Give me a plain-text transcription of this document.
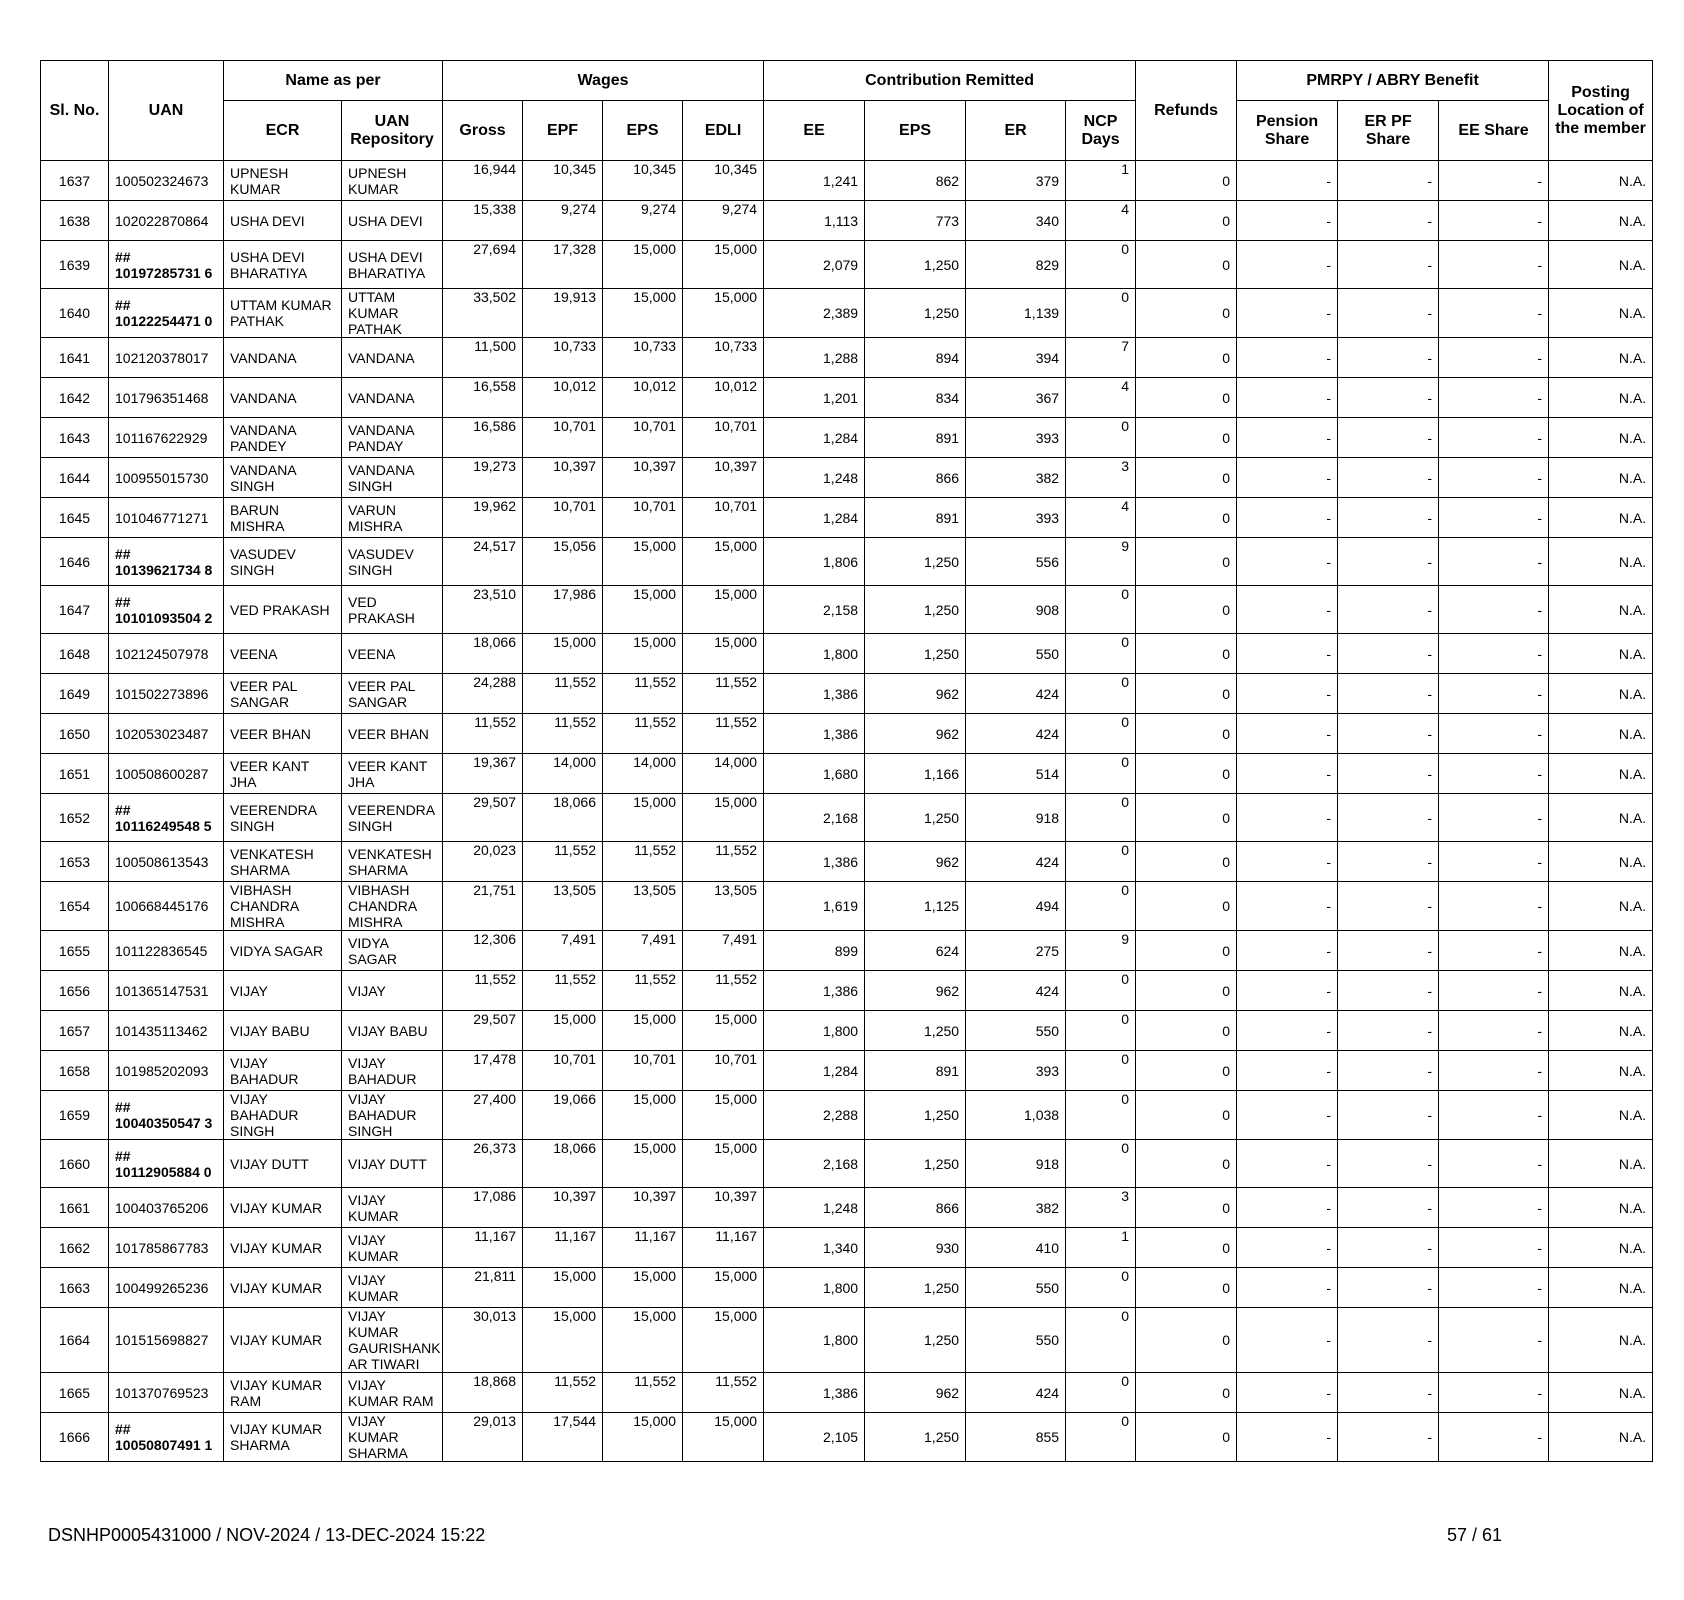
Sl. No.	UAN	Name as per		Wages				Contribution Remitted				Refunds	PMRPY / ABRY Benefit			Posting Location of the member
		ECR	UAN Repository	Gross	EPF	EPS	EDLI	EE	EPS	ER	NCP Days		Pension Share	ER PF Share	EE Share	
1637	100502324673	UPNESH KUMAR	UPNESH KUMAR	16,944	10,345	10,345	10,345	1,241	862	379	1	0	-	-	-	N.A.
1638	102022870864	USHA DEVI	USHA DEVI	15,338	9,274	9,274	9,274	1,113	773	340	4	0	-	-	-	N.A.
1639	## 10197285731 6	USHA DEVI BHARATIYA	USHA DEVI BHARATIYA	27,694	17,328	15,000	15,000	2,079	1,250	829	0	0	-	-	-	N.A.
1640	## 10122254471 0	UTTAM KUMAR PATHAK	UTTAM KUMAR PATHAK	33,502	19,913	15,000	15,000	2,389	1,250	1,139	0	0	-	-	-	N.A.
1641	102120378017	VANDANA	VANDANA	11,500	10,733	10,733	10,733	1,288	894	394	7	0	-	-	-	N.A.
1642	101796351468	VANDANA	VANDANA	16,558	10,012	10,012	10,012	1,201	834	367	4	0	-	-	-	N.A.
1643	101167622929	VANDANA PANDEY	VANDANA PANDAY	16,586	10,701	10,701	10,701	1,284	891	393	0	0	-	-	-	N.A.
1644	100955015730	VANDANA SINGH	VANDANA SINGH	19,273	10,397	10,397	10,397	1,248	866	382	3	0	-	-	-	N.A.
1645	101046771271	BARUN MISHRA	VARUN MISHRA	19,962	10,701	10,701	10,701	1,284	891	393	4	0	-	-	-	N.A.
1646	## 10139621734 8	VASUDEV SINGH	VASUDEV SINGH	24,517	15,056	15,000	15,000	1,806	1,250	556	9	0	-	-	-	N.A.
1647	## 10101093504 2	VED PRAKASH	VED PRAKASH	23,510	17,986	15,000	15,000	2,158	1,250	908	0	0	-	-	-	N.A.
1648	102124507978	VEENA	VEENA	18,066	15,000	15,000	15,000	1,800	1,250	550	0	0	-	-	-	N.A.
1649	101502273896	VEER PAL SANGAR	VEER PAL SANGAR	24,288	11,552	11,552	11,552	1,386	962	424	0	0	-	-	-	N.A.
1650	102053023487	VEER BHAN	VEER BHAN	11,552	11,552	11,552	11,552	1,386	962	424	0	0	-	-	-	N.A.
1651	100508600287	VEER KANT JHA	VEER KANT JHA	19,367	14,000	14,000	14,000	1,680	1,166	514	0	0	-	-	-	N.A.
1652	## 10116249548 5	VEERENDRA SINGH	VEERENDRA SINGH	29,507	18,066	15,000	15,000	2,168	1,250	918	0	0	-	-	-	N.A.
1653	100508613543	VENKATESH SHARMA	VENKATESH SHARMA	20,023	11,552	11,552	11,552	1,386	962	424	0	0	-	-	-	N.A.
1654	100668445176	VIBHASH CHANDRA MISHRA	VIBHASH CHANDRA MISHRA	21,751	13,505	13,505	13,505	1,619	1,125	494	0	0	-	-	-	N.A.
1655	101122836545	VIDYA SAGAR	VIDYA SAGAR	12,306	7,491	7,491	7,491	899	624	275	9	0	-	-	-	N.A.
1656	101365147531	VIJAY	VIJAY	11,552	11,552	11,552	11,552	1,386	962	424	0	0	-	-	-	N.A.
1657	101435113462	VIJAY BABU	VIJAY BABU	29,507	15,000	15,000	15,000	1,800	1,250	550	0	0	-	-	-	N.A.
1658	101985202093	VIJAY BAHADUR	VIJAY BAHADUR	17,478	10,701	10,701	10,701	1,284	891	393	0	0	-	-	-	N.A.
1659	## 10040350547 3	VIJAY BAHADUR SINGH	VIJAY BAHADUR SINGH	27,400	19,066	15,000	15,000	2,288	1,250	1,038	0	0	-	-	-	N.A.
1660	## 10112905884 0	VIJAY DUTT	VIJAY DUTT	26,373	18,066	15,000	15,000	2,168	1,250	918	0	0	-	-	-	N.A.
1661	100403765206	VIJAY KUMAR	VIJAY KUMAR	17,086	10,397	10,397	10,397	1,248	866	382	3	0	-	-	-	N.A.
1662	101785867783	VIJAY KUMAR	VIJAY KUMAR	11,167	11,167	11,167	11,167	1,340	930	410	1	0	-	-	-	N.A.
1663	100499265236	VIJAY KUMAR	VIJAY KUMAR	21,811	15,000	15,000	15,000	1,800	1,250	550	0	0	-	-	-	N.A.
1664	101515698827	VIJAY KUMAR	VIJAY KUMAR GAURISHANK AR TIWARI	30,013	15,000	15,000	15,000	1,800	1,250	550	0	0	-	-	-	N.A.
1665	101370769523	VIJAY KUMAR RAM	VIJAY KUMAR RAM	18,868	11,552	11,552	11,552	1,386	962	424	0	0	-	-	-	N.A.
1666	## 10050807491 1	VIJAY KUMAR SHARMA	VIJAY KUMAR SHARMA	29,013	17,544	15,000	15,000	2,105	1,250	855	0	0	-	-	-	N.A.
DSNHP0005431000 / NOV-2024 / 13-DEC-2024 15:22	57 / 61
